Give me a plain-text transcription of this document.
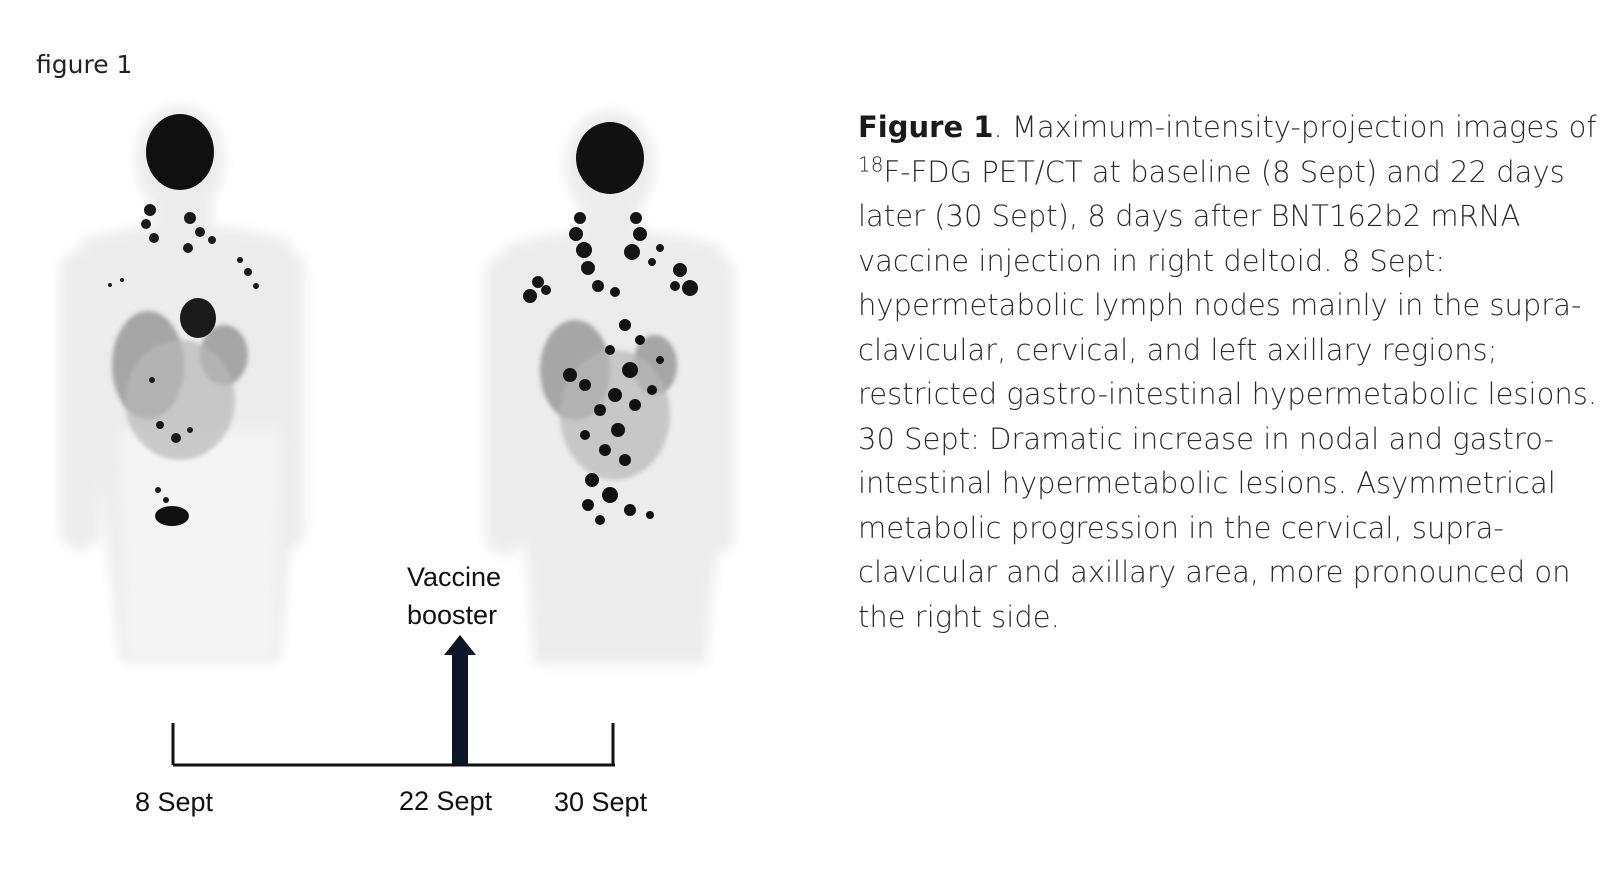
figure 1
Vaccine
booster
8 Sept	22 Sept 30 Sept
Figure 1. Maximum-intensity-projection images of $^{18}$F-FDG PET/CT at baseline (8 Sept) and 22 days later (30 Sept), 8 days after BNT162b2 mRNA vaccine injection in right deltoid. 8 Sept: hypermetabolic lymph nodes mainly in the supra-clavicular, cervical, and left axillary regions; restricted gastro-intestinal hypermetabolic lesions. 30 Sept: Dramatic increase in nodal and gastro-intestinal hypermetabolic lesions. Asymmetrical metabolic progression in the cervical, supra-clavicular and axillary area, more pronounced on the right side.
